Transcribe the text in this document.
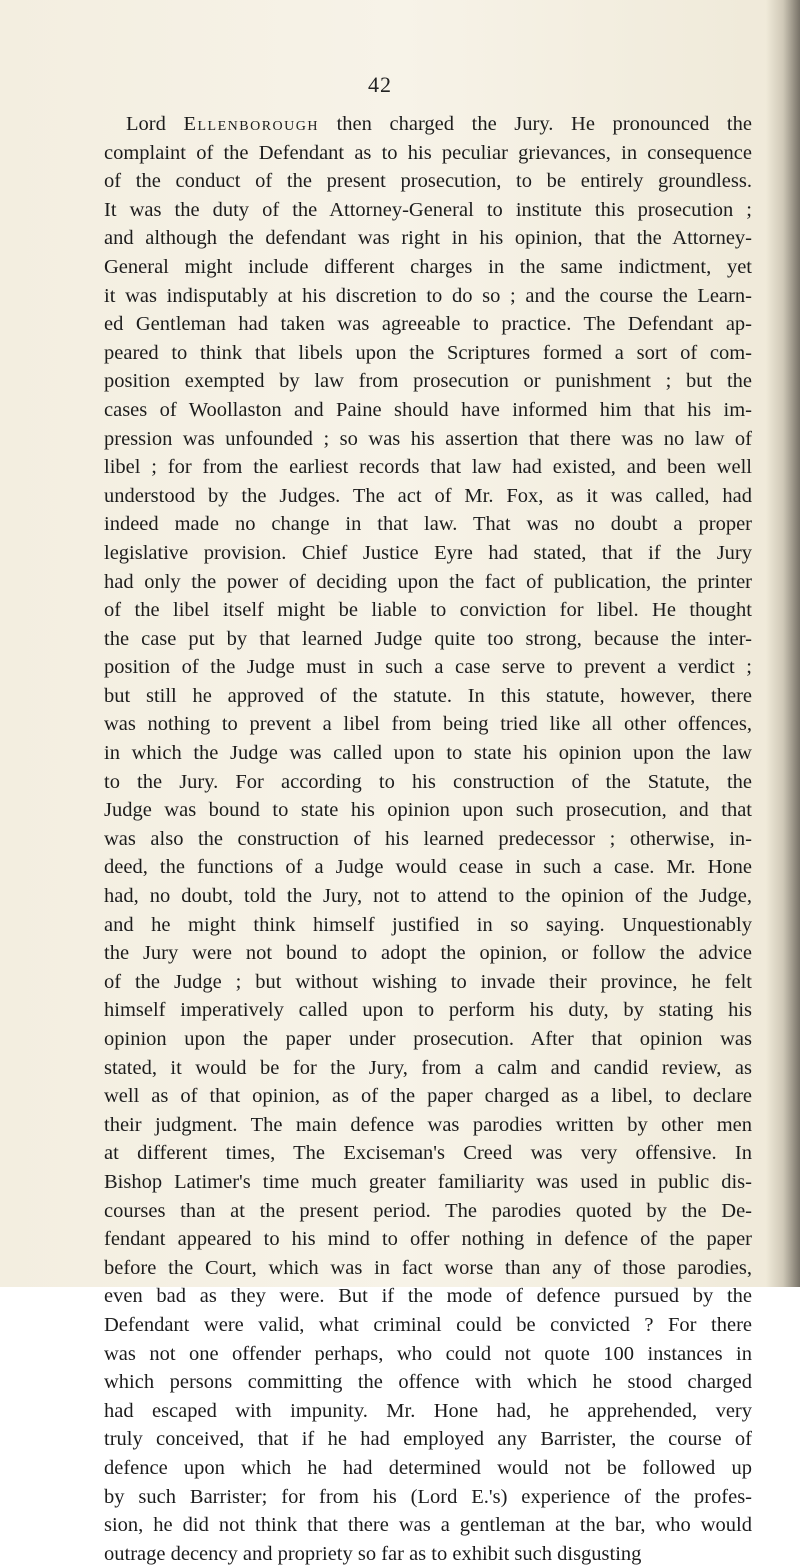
42
Lord Ellenborough then charged the Jury. He pronounced the
complaint of the Defendant as to his peculiar grievances, in consequence
of the conduct of the present prosecution, to be entirely groundless.
It was the duty of the Attorney-General to institute this prosecution ;
and although the defendant was right in his opinion, that the Attorney-
General might include different charges in the same indictment, yet
it was indisputably at his discretion to do so ; and the course the Learn-
ed Gentleman had taken was agreeable to practice. The Defendant ap-
peared to think that libels upon the Scriptures formed a sort of com-
position exempted by law from prosecution or punishment ; but the
cases of Woollaston and Paine should have informed him that his im-
pression was unfounded ; so was his assertion that there was no law of
libel ; for from the earliest records that law had existed, and been well
understood by the Judges. The act of Mr. Fox, as it was called, had
indeed made no change in that law. That was no doubt a proper
legislative provision. Chief Justice Eyre had stated, that if the Jury
had only the power of deciding upon the fact of publication, the printer
of the libel itself might be liable to conviction for libel. He thought
the case put by that learned Judge quite too strong, because the inter-
position of the Judge must in such a case serve to prevent a verdict ;
but still he approved of the statute. In this statute, however, there
was nothing to prevent a libel from being tried like all other offences,
in which the Judge was called upon to state his opinion upon the law
to the Jury. For according to his construction of the Statute, the
Judge was bound to state his opinion upon such prosecution, and that
was also the construction of his learned predecessor ; otherwise, in-
deed, the functions of a Judge would cease in such a case. Mr. Hone
had, no doubt, told the Jury, not to attend to the opinion of the Judge,
and he might think himself justified in so saying. Unquestionably
the Jury were not bound to adopt the opinion, or follow the advice
of the Judge ; but without wishing to invade their province, he felt
himself imperatively called upon to perform his duty, by stating his
opinion upon the paper under prosecution. After that opinion was
stated, it would be for the Jury, from a calm and candid review, as
well as of that opinion, as of the paper charged as a libel, to declare
their judgment. The main defence was parodies written by other men
at different times, The Exciseman's Creed was very offensive. In
Bishop Latimer's time much greater familiarity was used in public dis-
courses than at the present period. The parodies quoted by the De-
fendant appeared to his mind to offer nothing in defence of the paper
before the Court, which was in fact worse than any of those parodies,
even bad as they were. But if the mode of defence pursued by the
Defendant were valid, what criminal could be convicted ? For there
was not one offender perhaps, who could not quote 100 instances in
which persons committing the offence with which he stood charged
had escaped with impunity. Mr. Hone had, he apprehended, very
truly conceived, that if he had employed any Barrister, the course of
defence upon which he had determined would not be followed up
by such Barrister; for from his (Lord E.'s) experience of the profes-
sion, he did not think that there was a gentleman at the bar, who would
outrage decency and propriety so far as to exhibit such disgusting
